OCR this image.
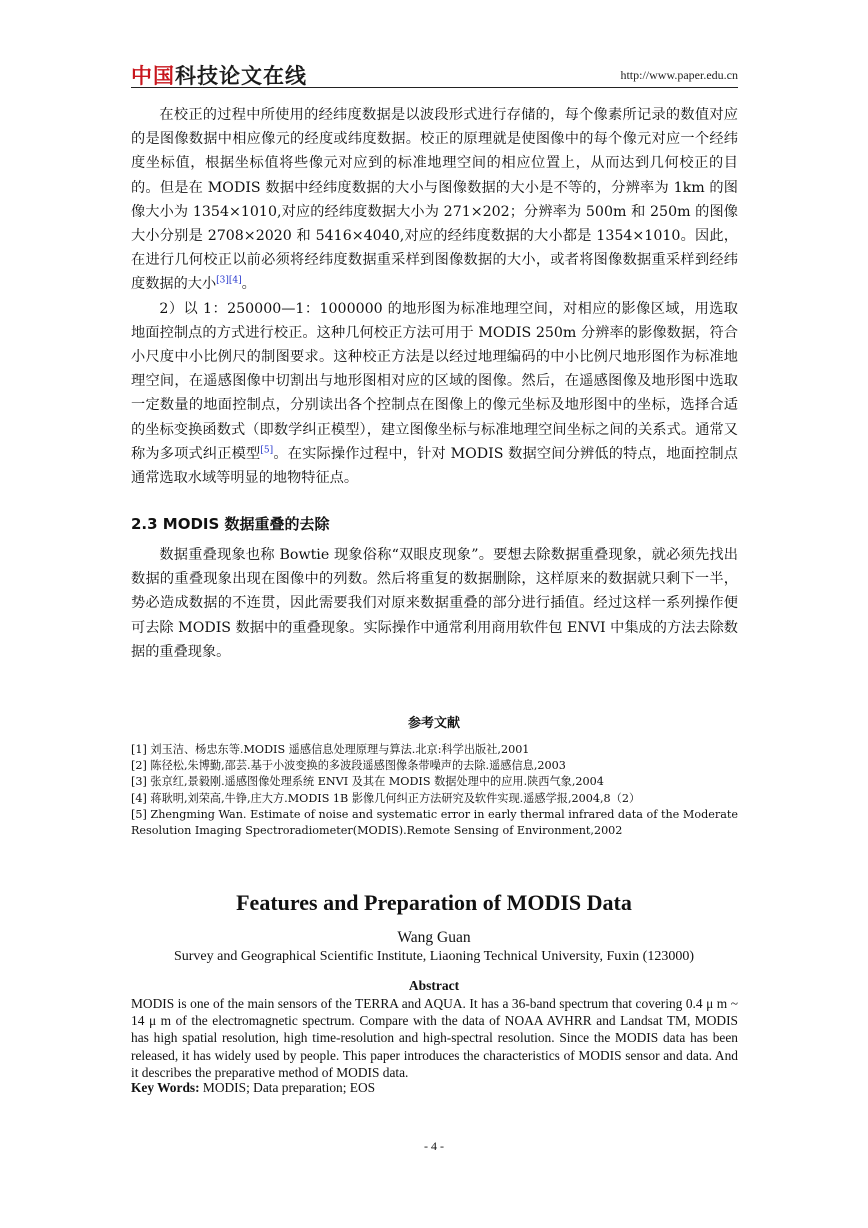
中国科技论文在线	http://www.paper.edu.cn

在校正的过程中所使用的经纬度数据是以波段形式进行存储的，每个像素所记录的数值对应的是图像数据中相应像元的经度或纬度数据。校正的原理就是使图像中的每个像元对应一个经纬度坐标值，根据坐标值将些像元对应到的标准地理空间的相应位置上，从而达到几何校正的目的。但是在 MODIS 数据中经纬度数据的大小与图像数据的大小是不等的，分辨率为 1km 的图像大小为 1354×1010,对应的经纬度数据大小为 271×202；分辨率为 500m 和 250m 的图像大小分别是 2708×2020 和 5416×4040,对应的经纬度数据的大小都是 1354×1010。因此，在进行几何校正以前必须将经纬度数据重采样到图像数据的大小，或者将图像数据重采样到经纬度数据的大小[3][4]。

2）以 1：250000—1：1000000 的地形图为标准地理空间，对相应的影像区域，用选取地面控制点的方式进行校正。这种几何校正方法可用于 MODIS 250m 分辨率的影像数据，符合小尺度中小比例尺的制图要求。这种校正方法是以经过地理编码的中小比例尺地形图作为标准地理空间，在遥感图像中切割出与地形图相对应的区域的图像。然后，在遥感图像及地形图中选取一定数量的地面控制点，分别读出各个控制点在图像上的像元坐标及地形图中的坐标，选择合适的坐标变换函数式（即数学纠正模型），建立图像坐标与标准地理空间坐标之间的关系式。通常又称为多项式纠正模型[5]。在实际操作过程中，针对 MODIS 数据空间分辨低的特点，地面控制点通常选取水域等明显的地物特征点。

2.3 MODIS 数据重叠的去除

数据重叠现象也称 Bowtie 现象俗称“双眼皮现象”。要想去除数据重叠现象，就必须先找出数据的重叠现象出现在图像中的列数。然后将重复的数据删除，这样原来的数据就只剩下一半，势必造成数据的不连贯，因此需要我们对原来数据重叠的部分进行插值。经过这样一系列操作便可去除 MODIS 数据中的重叠现象。实际操作中通常利用商用软件包 ENVI 中集成的方法去除数据的重叠现象。

参考文献
[1] 刘玉洁、杨忠东等.MODIS 遥感信息处理原理与算法.北京:科学出版社,2001
[2] 陈径松,朱博勤,邵芸.基于小波变换的多波段遥感图像条带噪声的去除.遥感信息,2003
[3] 张京红,景毅刚.遥感图像处理系统 ENVI 及其在 MODIS 数据处理中的应用.陕西气象,2004
[4] 蒋耿明,刘荣高,牛铮,庄大方.MODIS 1B 影像几何纠正方法研究及软件实现.遥感学报,2004,8（2）
[5] Zhengming Wan. Estimate of noise and systematic error in early thermal infrared data of the Moderate Resolution Imaging Spectroradiometer(MODIS).Remote Sensing of Environment,2002
Features and Preparation of MODIS Data
Wang Guan
Survey and Geographical Scientific Institute, Liaoning Technical University, Fuxin (123000)
Abstract
MODIS is one of the main sensors of the TERRA and AQUA. It has a 36-band spectrum that covering 0.4 μ m ~ 14 μ m of the electromagnetic spectrum. Compare with the data of NOAA AVHRR and Landsat TM, MODIS has high spatial resolution, high time-resolution and high-spectral resolution. Since the MODIS data has been released, it has widely used by people. This paper introduces the characteristics of MODIS sensor and data. And it describes the preparative method of MODIS data.
Key Words: MODIS; Data preparation; EOS
- 4 -
